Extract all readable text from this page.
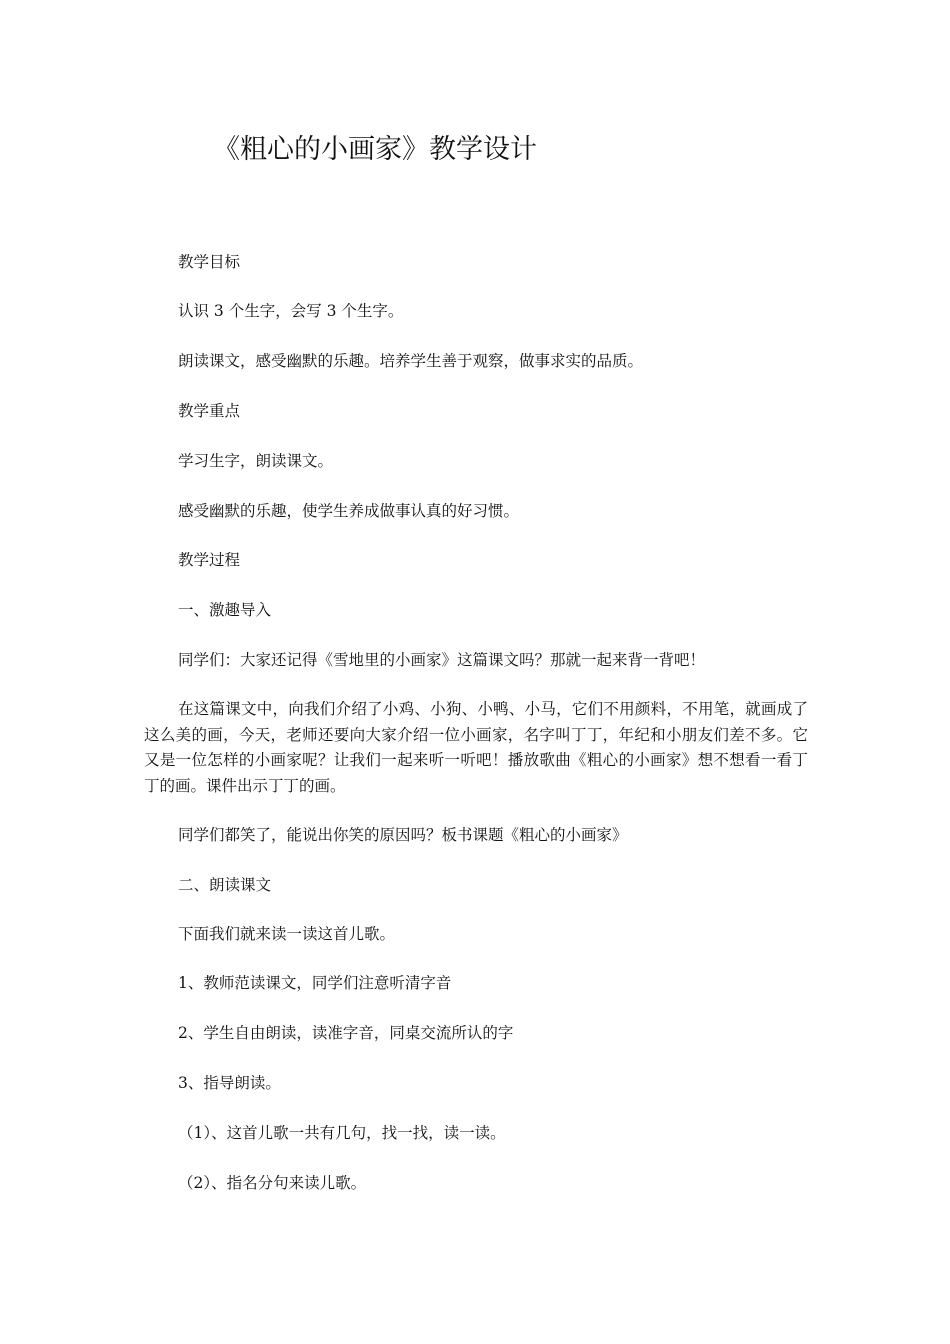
《粗心的小画家》教学设计

教学目标

认识 3 个生字，会写 3 个生字。

朗读课文，感受幽默的乐趣。培养学生善于观察，做事求实的品质。

教学重点

学习生字，朗读课文。

感受幽默的乐趣，使学生养成做事认真的好习惯。

教学过程

一、激趣导入

同学们：大家还记得《雪地里的小画家》这篇课文吗？那就一起来背一背吧！

在这篇课文中，向我们介绍了小鸡、小狗、小鸭、小马，它们不用颜料，不用笔，就画成了这么美的画，今天，老师还要向大家介绍一位小画家，名字叫丁丁，年纪和小朋友们差不多。它又是一位怎样的小画家呢？让我们一起来听一听吧！播放歌曲《粗心的小画家》想不想看一看丁丁的画。课件出示丁丁的画。

同学们都笑了，能说出你笑的原因吗？板书课题《粗心的小画家》

二、朗读课文

下面我们就来读一读这首儿歌。

1、教师范读课文，同学们注意听清字音

2、学生自由朗读，读准字音，同桌交流所认的字

3、指导朗读。

（1）、这首儿歌一共有几句，找一找，读一读。

（2）、指名分句来读儿歌。
